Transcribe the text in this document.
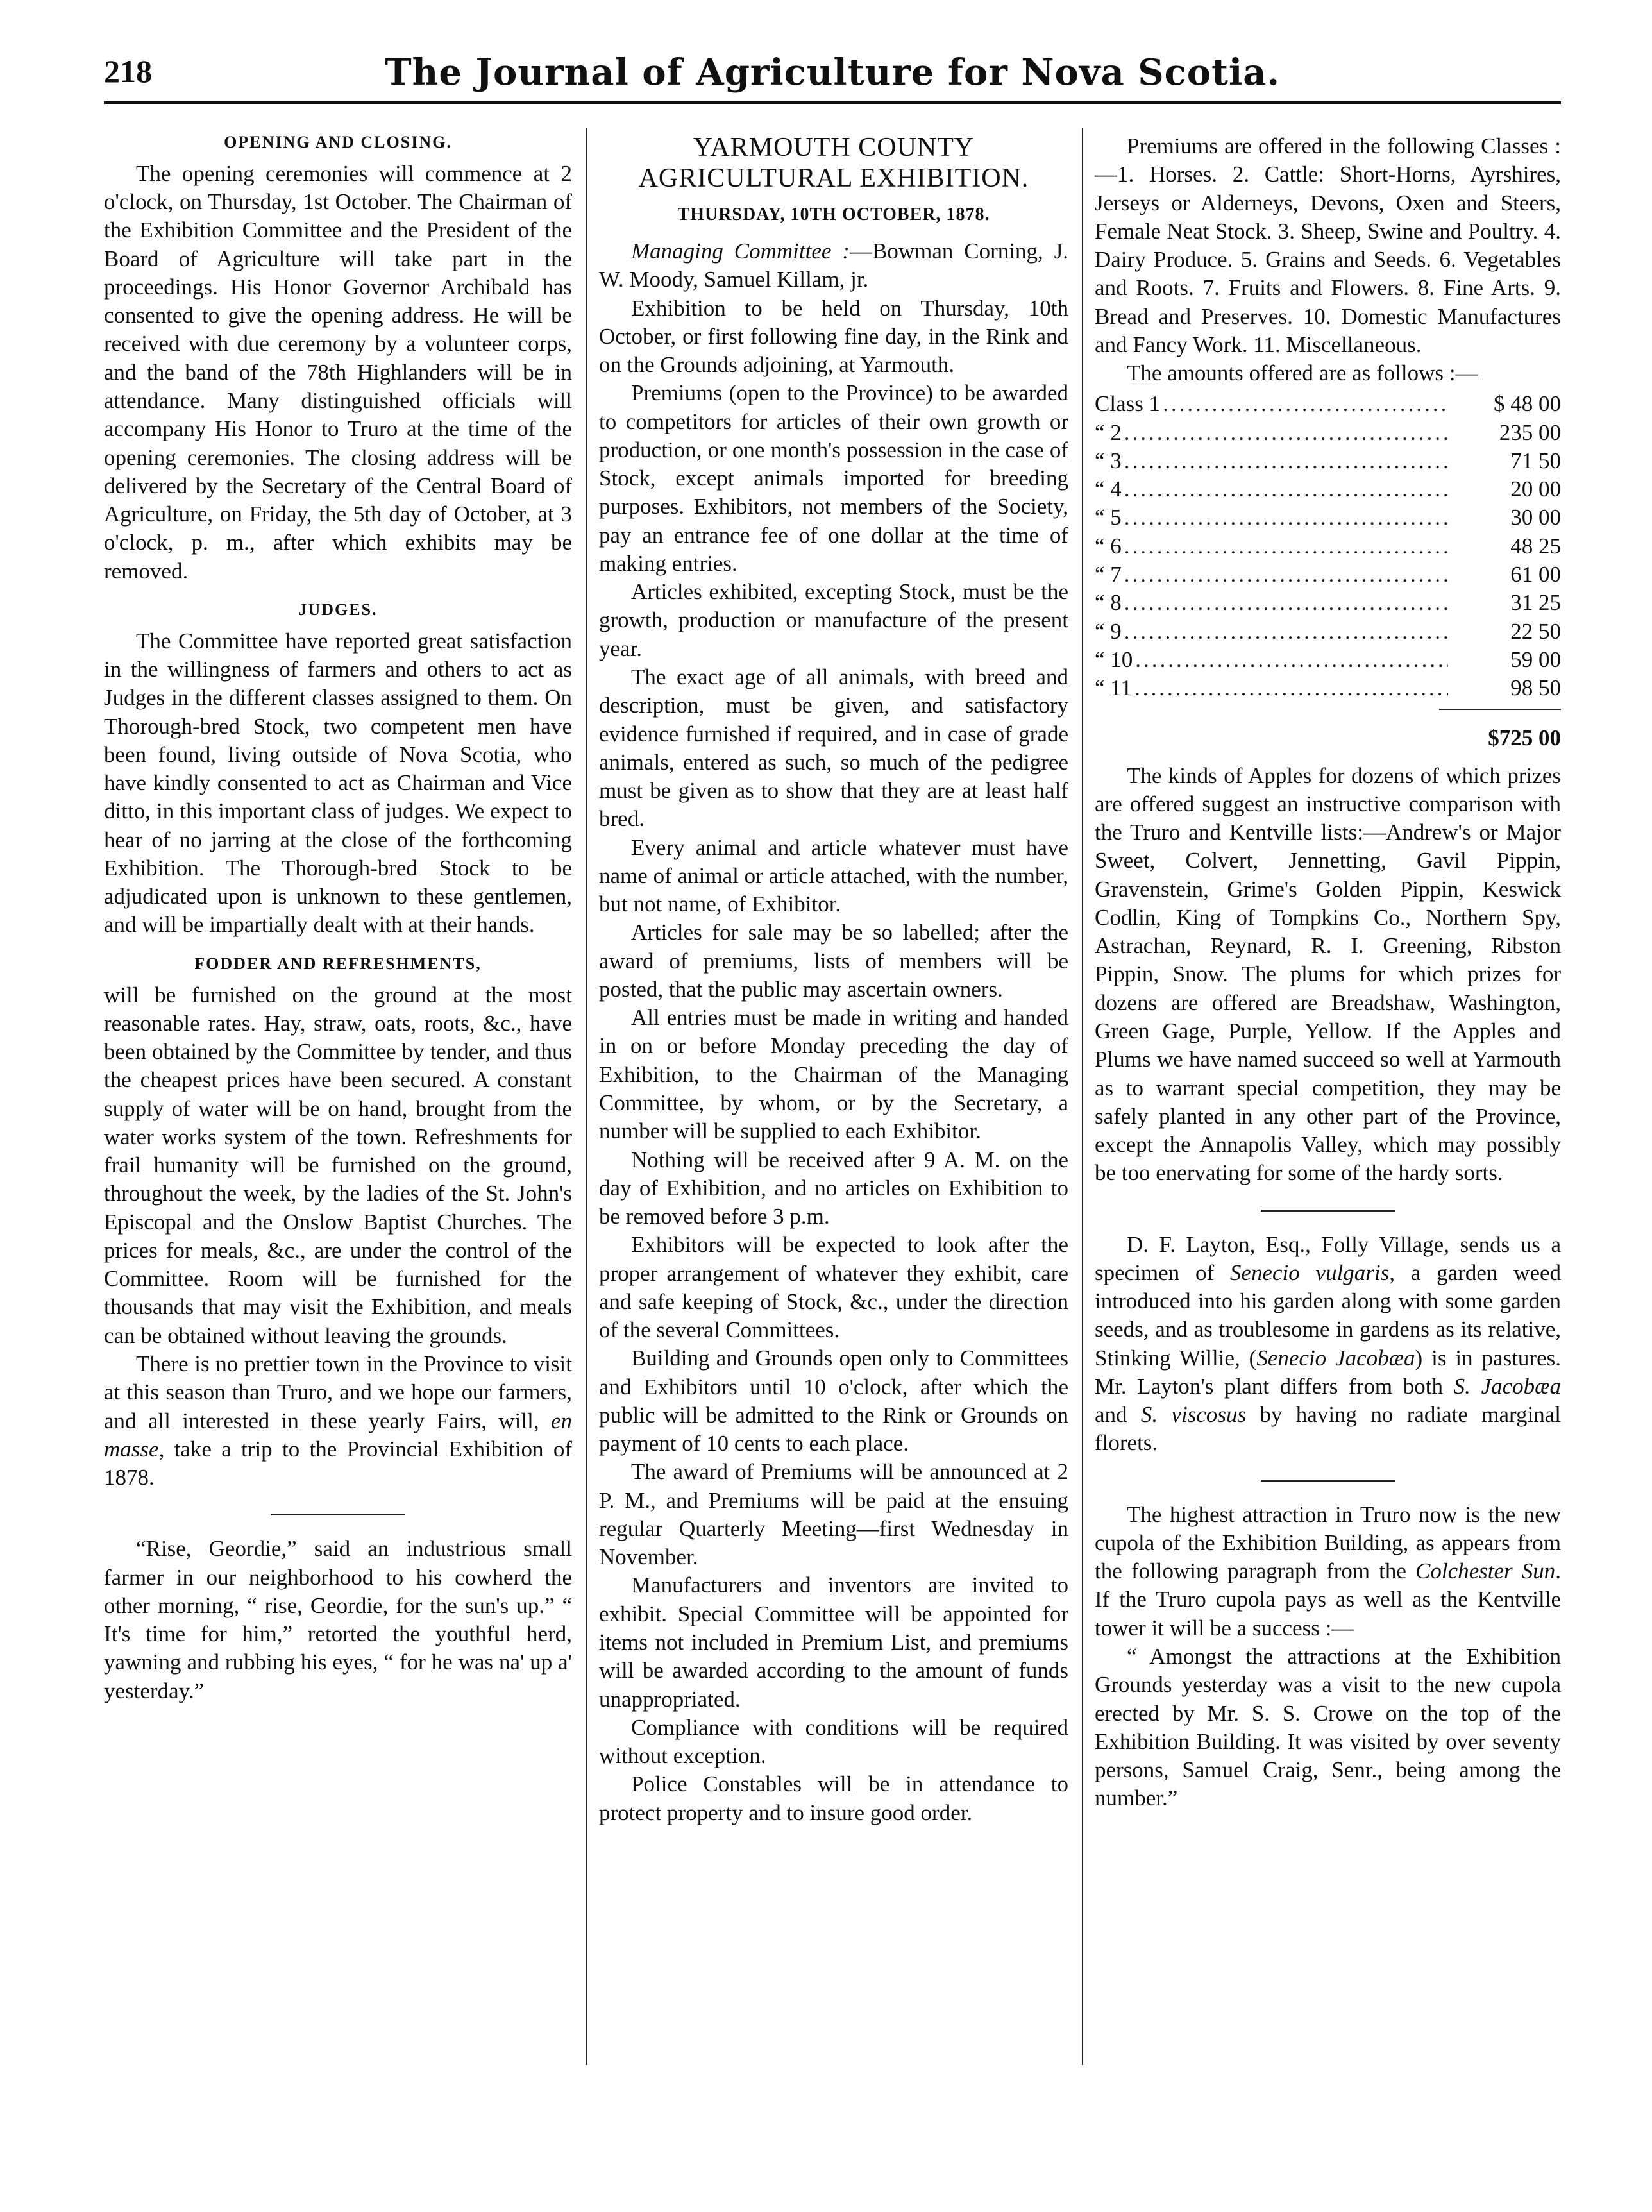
218	The Journal of Agriculture for Nova Scotia.
OPENING AND CLOSING.

The opening ceremonies will commence at 2 o'clock, on Thursday, 1st October. The Chairman of the Exhibition Committee and the President of the Board of Agriculture will take part in the proceedings. His Honor Governor Archibald has consented to give the opening address. He will be received with due ceremony by a volunteer corps, and the band of the 78th Highlanders will be in attendance. Many distinguished officials will accompany His Honor to Truro at the time of the opening ceremonies. The closing address will be delivered by the Secretary of the Central Board of Agriculture, on Friday, the 5th day of October, at 3 o'clock, p. m., after which exhibits may be removed.

JUDGES.

The Committee have reported great satisfaction in the willingness of farmers and others to act as Judges in the different classes assigned to them. On Thorough-bred Stock, two competent men have been found, living outside of Nova Scotia, who have kindly consented to act as Chairman and Vice ditto, in this important class of judges. We expect to hear of no jarring at the close of the forthcoming Exhibition. The Thorough-bred Stock to be adjudicated upon is unknown to these gentlemen, and will be impartially dealt with at their hands.

FODDER AND REFRESHMENTS,

will be furnished on the ground at the most reasonable rates. Hay, straw, oats, roots, &c., have been obtained by the Committee by tender, and thus the cheapest prices have been secured. A constant supply of water will be on hand, brought from the water works system of the town. Refreshments for frail humanity will be furnished on the ground, throughout the week, by the ladies of the St. John's Episcopal and the Onslow Baptist Churches. The prices for meals, &c., are under the control of the Committee. Room will be furnished for the thousands that may visit the Exhibition, and meals can be obtained without leaving the grounds.

There is no prettier town in the Province to visit at this season than Truro, and we hope our farmers, and all interested in these yearly Fairs, will, en masse, take a trip to the Provincial Exhibition of 1878.

“Rise, Geordie,” said an industrious small farmer in our neighborhood to his cowherd the other morning, “ rise, Geordie, for the sun's up.” “ It's time for him,” retorted the youthful herd, yawning and rubbing his eyes, “ for he was na' up a' yesterday.”

YARMOUTH COUNTY AGRICULTURAL EXHIBITION.
THURSDAY, 10TH OCTOBER, 1878.

Managing Committee :—Bowman Corning, J. W. Moody, Samuel Killam, jr.

Exhibition to be held on Thursday, 10th October, or first following fine day, in the Rink and on the Grounds adjoining, at Yarmouth.

Premiums (open to the Province) to be awarded to competitors for articles of their own growth or production, or one month's possession in the case of Stock, except animals imported for breeding purposes. Exhibitors, not members of the Society, pay an entrance fee of one dollar at the time of making entries.

Articles exhibited, excepting Stock, must be the growth, production or manufacture of the present year.

The exact age of all animals, with breed and description, must be given, and satisfactory evidence furnished if required, and in case of grade animals, entered as such, so much of the pedigree must be given as to show that they are at least half bred.

Every animal and article whatever must have name of animal or article attached, with the number, but not name, of Exhibitor.

Articles for sale may be so labelled; after the award of premiums, lists of members will be posted, that the public may ascertain owners.

All entries must be made in writing and handed in on or before Monday preceding the day of Exhibition, to the Chairman of the Managing Committee, by whom, or by the Secretary, a number will be supplied to each Exhibitor.

Nothing will be received after 9 A. M. on the day of Exhibition, and no articles on Exhibition to be removed before 3 p.m.

Exhibitors will be expected to look after the proper arrangement of whatever they exhibit, care and safe keeping of Stock, &c., under the direction of the several Committees.

Building and Grounds open only to Committees and Exhibitors until 10 o'clock, after which the public will be admitted to the Rink or Grounds on payment of 10 cents to each place.

The award of Premiums will be announced at 2 P. M., and Premiums will be paid at the ensuing regular Quarterly Meeting—first Wednesday in November.

Manufacturers and inventors are invited to exhibit. Special Committee will be appointed for items not included in Premium List, and premiums will be awarded according to the amount of funds unappropriated.

Compliance with conditions will be required without exception.

Police Constables will be in attendance to protect property and to insure good order.

Premiums are offered in the following Classes :—1. Horses. 2. Cattle: Short-Horns, Ayrshires, Jerseys or Alderneys, Devons, Oxen and Steers, Female Neat Stock. 3. Sheep, Swine and Poultry. 4. Dairy Produce. 5. Grains and Seeds. 6. Vegetables and Roots. 7. Fruits and Flowers. 8. Fine Arts. 9. Bread and Preserves. 10. Domestic Manufactures and Fancy Work. 11. Miscellaneous.

The amounts offered are as follows :—

Class 1 .....	$ 48 00
“ 2 .....	235 00
“ 3 .....	71 50
“ 4 .....	20 00
“ 5 .....	30 00
“ 6 .....	48 25
“ 7 .....	61 00
“ 8 .....	31 25
“ 9 .....	22 50
“ 10 .....	59 00
“ 11 .....	98 50
$725 00

The kinds of Apples for dozens of which prizes are offered suggest an instructive comparison with the Truro and Kentville lists:—Andrew's or Major Sweet, Colvert, Jennetting, Gavil Pippin, Gravenstein, Grime's Golden Pippin, Keswick Codlin, King of Tompkins Co., Northern Spy, Astrachan, Reynard, R. I. Greening, Ribston Pippin, Snow. The plums for which prizes for dozens are offered are Breadshaw, Washington, Green Gage, Purple, Yellow. If the Apples and Plums we have named succeed so well at Yarmouth as to warrant special competition, they may be safely planted in any other part of the Province, except the Annapolis Valley, which may possibly be too enervating for some of the hardy sorts.

D. F. Layton, Esq., Folly Village, sends us a specimen of Senecio vulgaris, a garden weed introduced into his garden along with some garden seeds, and as troublesome in gardens as its relative, Stinking Willie, (Senecio Jacobæa) is in pastures. Mr. Layton's plant differs from both S. Jacobæa and S. viscosus by having no radiate marginal florets.

The highest attraction in Truro now is the new cupola of the Exhibition Building, as appears from the following paragraph from the Colchester Sun. If the Truro cupola pays as well as the Kentville tower it will be a success :—

“ Amongst the attractions at the Exhibition Grounds yesterday was a visit to the new cupola erected by Mr. S. S. Crowe on the top of the Exhibition Building. It was visited by over seventy persons, Samuel Craig, Senr., being among the number.”
